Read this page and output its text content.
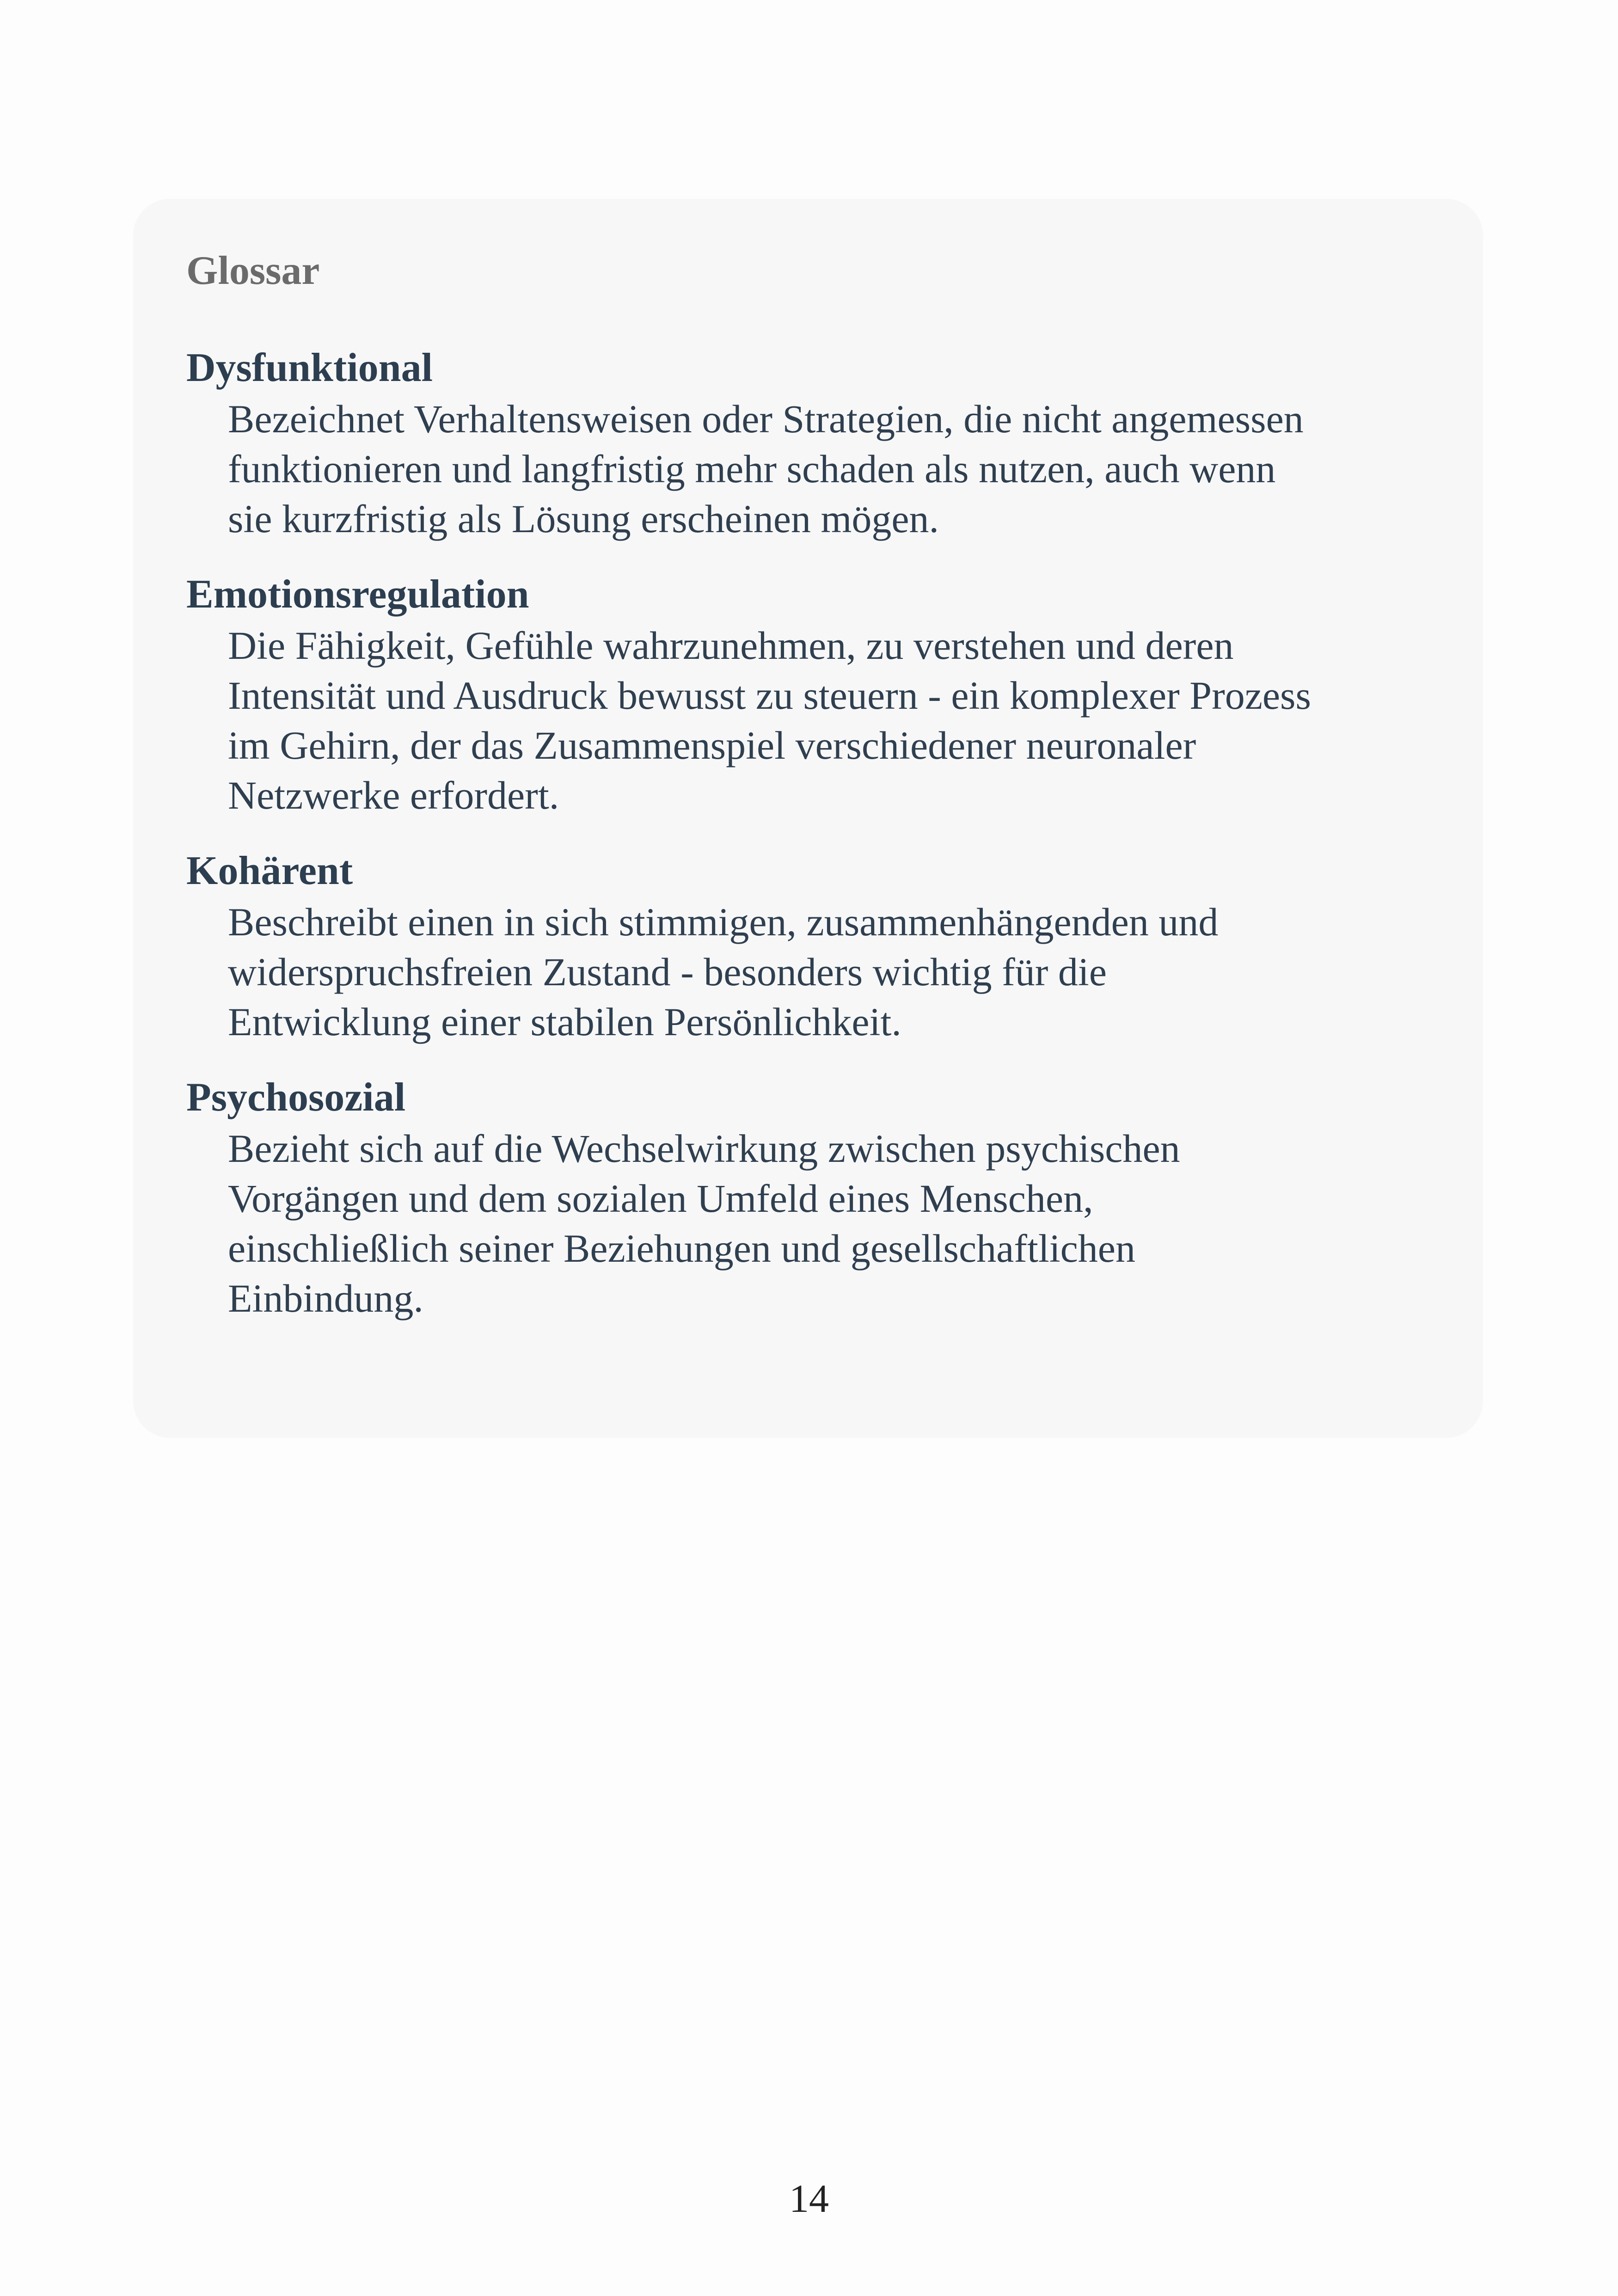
Glossar
Dysfunktional
Bezeichnet Verhaltensweisen oder Strategien, die nicht angemessen
funktionieren und langfristig mehr schaden als nutzen, auch wenn
sie kurzfristig als Lösung erscheinen mögen.
Emotionsregulation
Die Fähigkeit, Gefühle wahrzunehmen, zu verstehen und deren
Intensität und Ausdruck bewusst zu steuern - ein komplexer Prozess
im Gehirn, der das Zusammenspiel verschiedener neuronaler
Netzwerke erfordert.
Kohärent
Beschreibt einen in sich stimmigen, zusammenhängenden und
widerspruchsfreien Zustand - besonders wichtig für die
Entwicklung einer stabilen Persönlichkeit.
Psychosozial
Bezieht sich auf die Wechselwirkung zwischen psychischen
Vorgängen und dem sozialen Umfeld eines Menschen,
einschließlich seiner Beziehungen und gesellschaftlichen
Einbindung.
14
